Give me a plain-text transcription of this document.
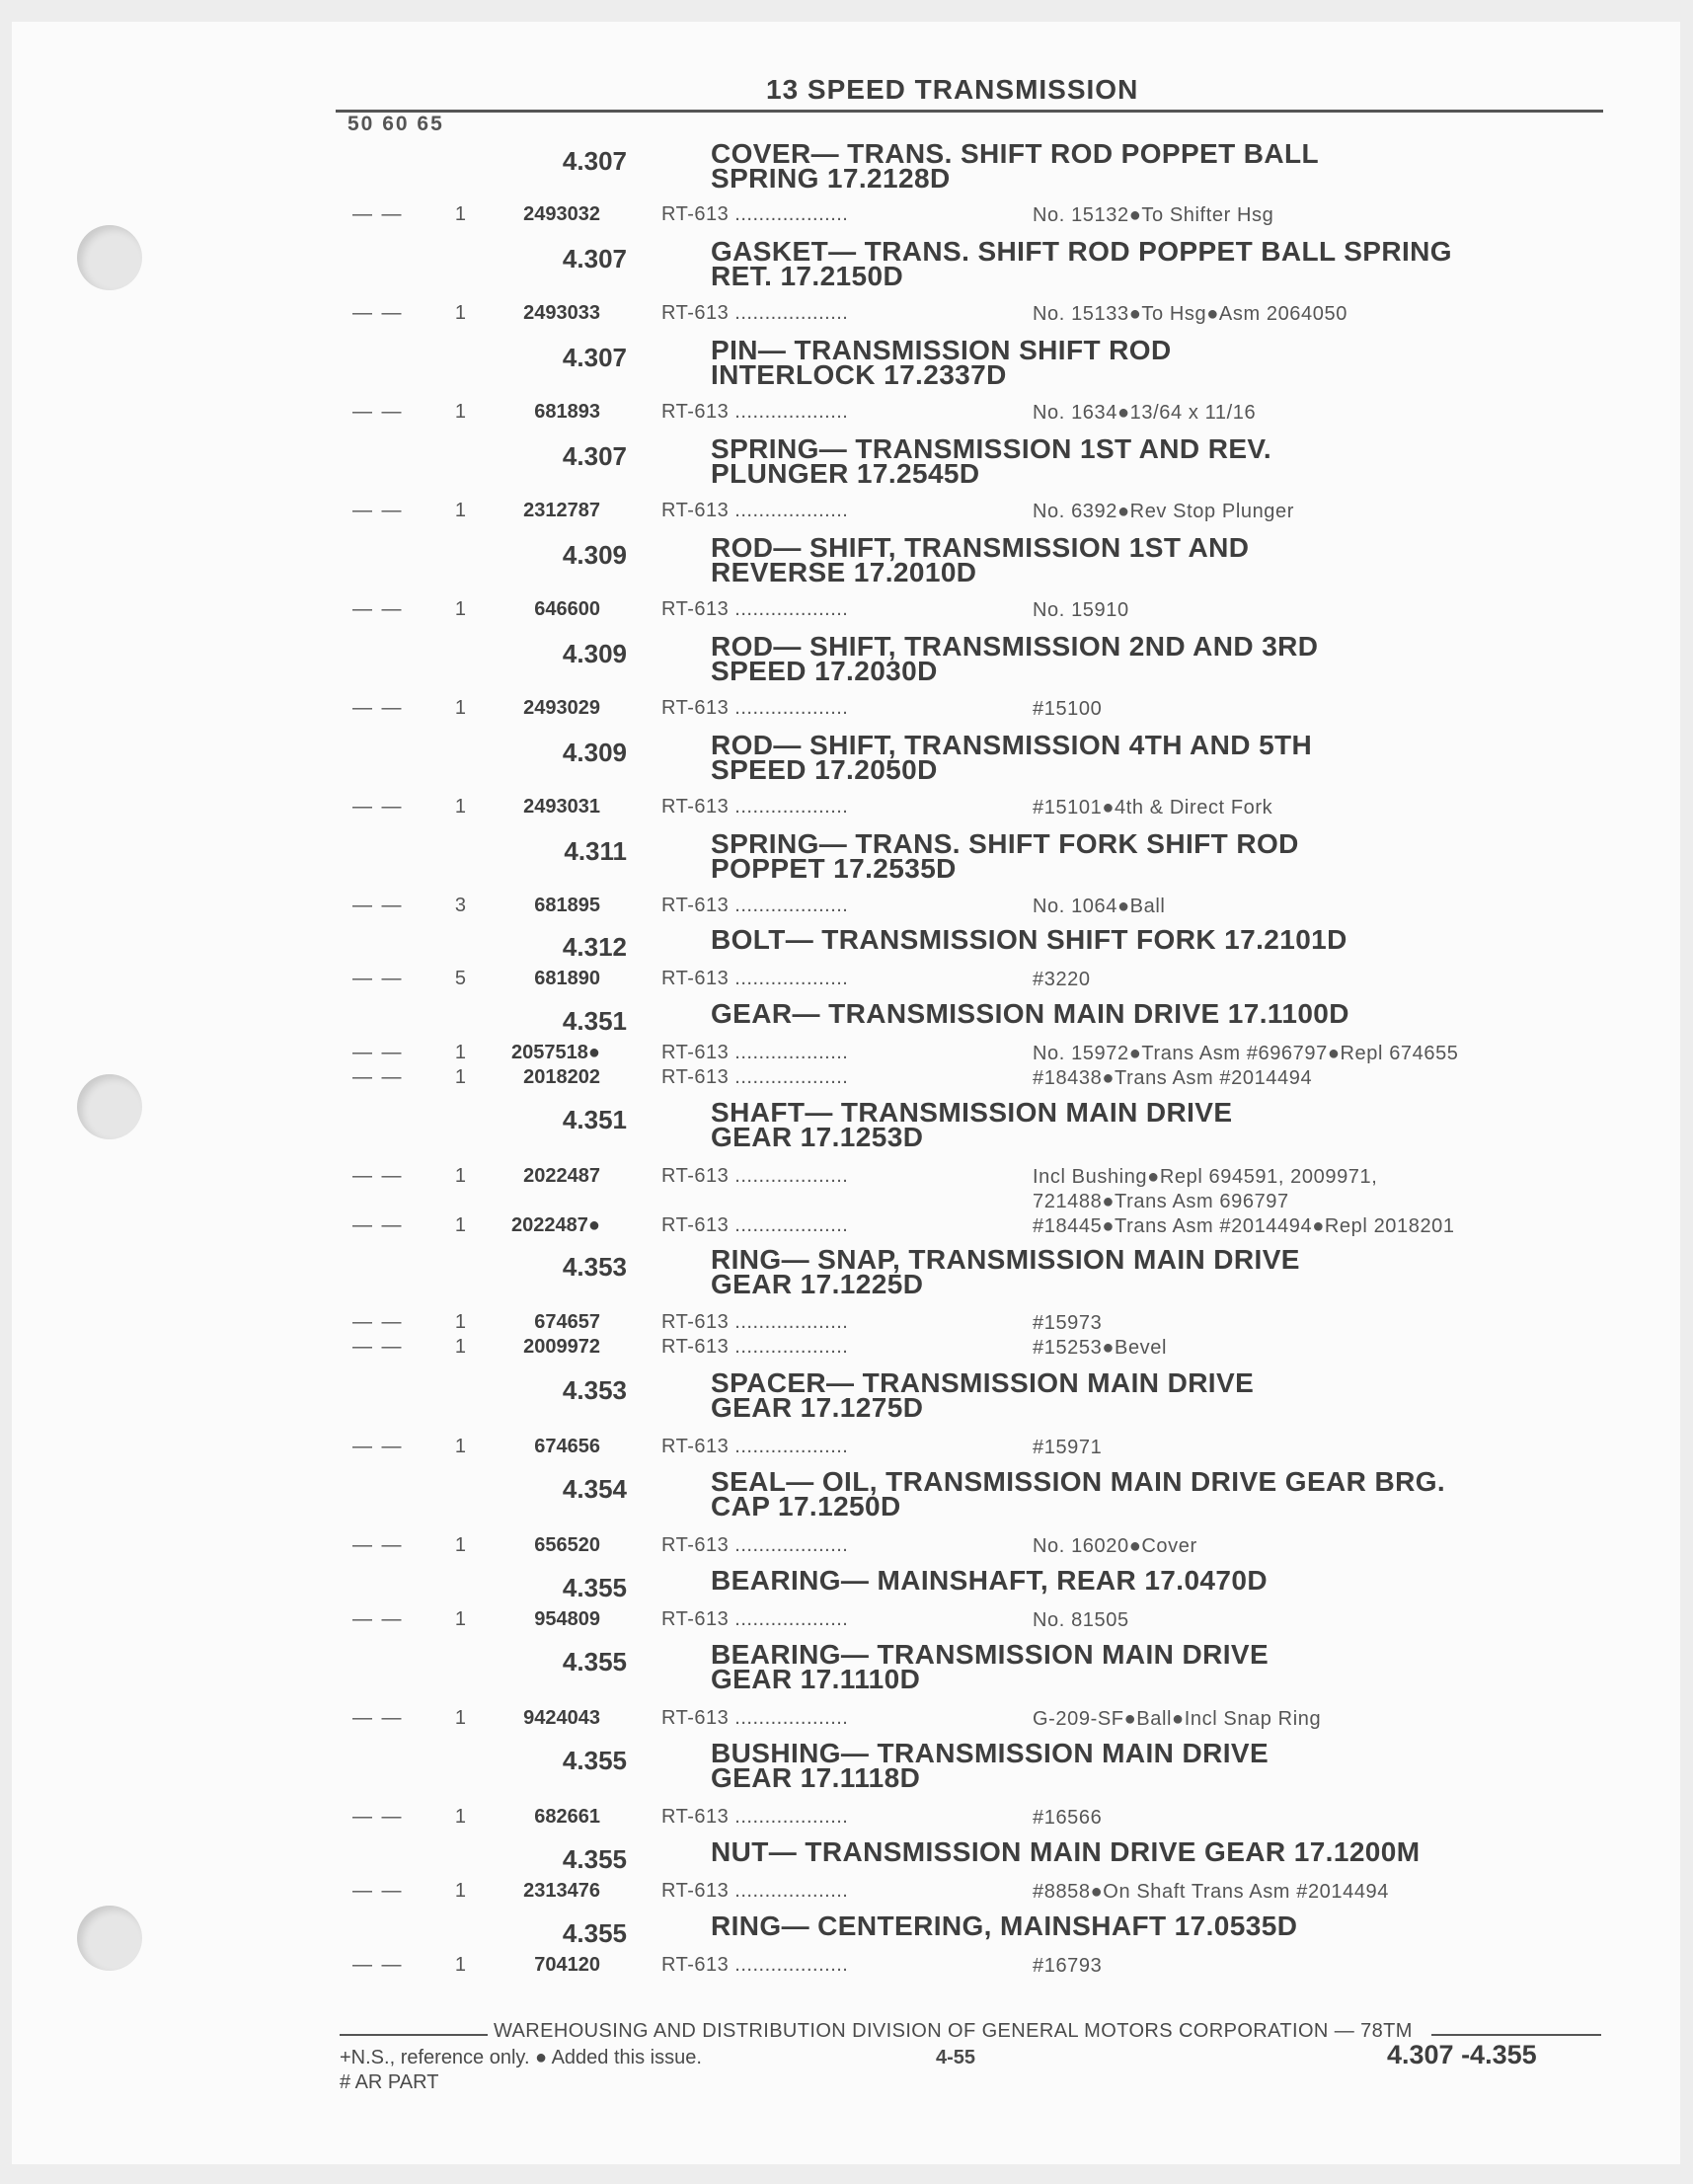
13 SPEED TRANSMISSION
50 60 65
4.307	COVER— TRANS. SHIFT ROD POPPET BALL
SPRING 17.2128D
— —	1	2493032	RT-613 ...................	No. 15132●To Shifter Hsg
4.307	GASKET— TRANS. SHIFT ROD POPPET BALL SPRING
RET. 17.2150D
— —	1	2493033	RT-613 ...................	No. 15133●To Hsg●Asm 2064050
4.307	PIN— TRANSMISSION SHIFT ROD
INTERLOCK 17.2337D
— —	1	681893	RT-613 ...................	No. 1634●13/64 x 11/16
4.307	SPRING— TRANSMISSION 1ST AND REV.
PLUNGER 17.2545D
— —	1	2312787	RT-613 ...................	No. 6392●Rev Stop Plunger
4.309	ROD— SHIFT, TRANSMISSION 1ST AND
REVERSE 17.2010D
— —	1	646600	RT-613 ...................	No. 15910
4.309	ROD— SHIFT, TRANSMISSION 2ND AND 3RD
SPEED 17.2030D
— —	1	2493029	RT-613 ...................	#15100
4.309	ROD— SHIFT, TRANSMISSION 4TH AND 5TH
SPEED 17.2050D
— —	1	2493031	RT-613 ...................	#15101●4th & Direct Fork
4.311	SPRING— TRANS. SHIFT FORK SHIFT ROD
POPPET 17.2535D
— —	3	681895	RT-613 ...................	No. 1064●Ball
4.312	BOLT— TRANSMISSION SHIFT FORK 17.2101D
— —	5	681890	RT-613 ...................	#3220
4.351	GEAR— TRANSMISSION MAIN DRIVE 17.1100D
— —	1	2057518●	RT-613 ...................	No. 15972●Trans Asm #696797●Repl 674655
— —	1	2018202	RT-613 ...................	#18438●Trans Asm #2014494
4.351	SHAFT— TRANSMISSION MAIN DRIVE
GEAR 17.1253D
— —	1	2022487	RT-613 ...................	Incl Bushing●Repl 694591, 2009971,
721488●Trans Asm 696797
— —	1	2022487●	RT-613 ...................	#18445●Trans Asm #2014494●Repl 2018201
4.353	RING— SNAP, TRANSMISSION MAIN DRIVE
GEAR 17.1225D
— —	1	674657	RT-613 ...................	#15973
— —	1	2009972	RT-613 ...................	#15253●Bevel
4.353	SPACER— TRANSMISSION MAIN DRIVE
GEAR 17.1275D
— —	1	674656	RT-613 ...................	#15971
4.354	SEAL— OIL, TRANSMISSION MAIN DRIVE GEAR BRG.
CAP 17.1250D
— —	1	656520	RT-613 ...................	No. 16020●Cover
4.355	BEARING— MAINSHAFT, REAR 17.0470D
— —	1	954809	RT-613 ...................	No. 81505
4.355	BEARING— TRANSMISSION MAIN DRIVE
GEAR 17.1110D
— —	1	9424043	RT-613 ...................	G-209-SF●Ball●Incl Snap Ring
4.355	BUSHING— TRANSMISSION MAIN DRIVE
GEAR 17.1118D
— —	1	682661	RT-613 ...................	#16566
4.355	NUT— TRANSMISSION MAIN DRIVE GEAR 17.1200M
— —	1	2313476	RT-613 ...................	#8858●On Shaft Trans Asm #2014494
4.355	RING— CENTERING, MAINSHAFT 17.0535D
— —	1	704120	RT-613 ...................	#16793
WAREHOUSING AND DISTRIBUTION DIVISION OF GENERAL MOTORS CORPORATION — 78TM
+N.S., reference only. ● Added this issue.
# AR PART
4-55	4.307 -4.355
